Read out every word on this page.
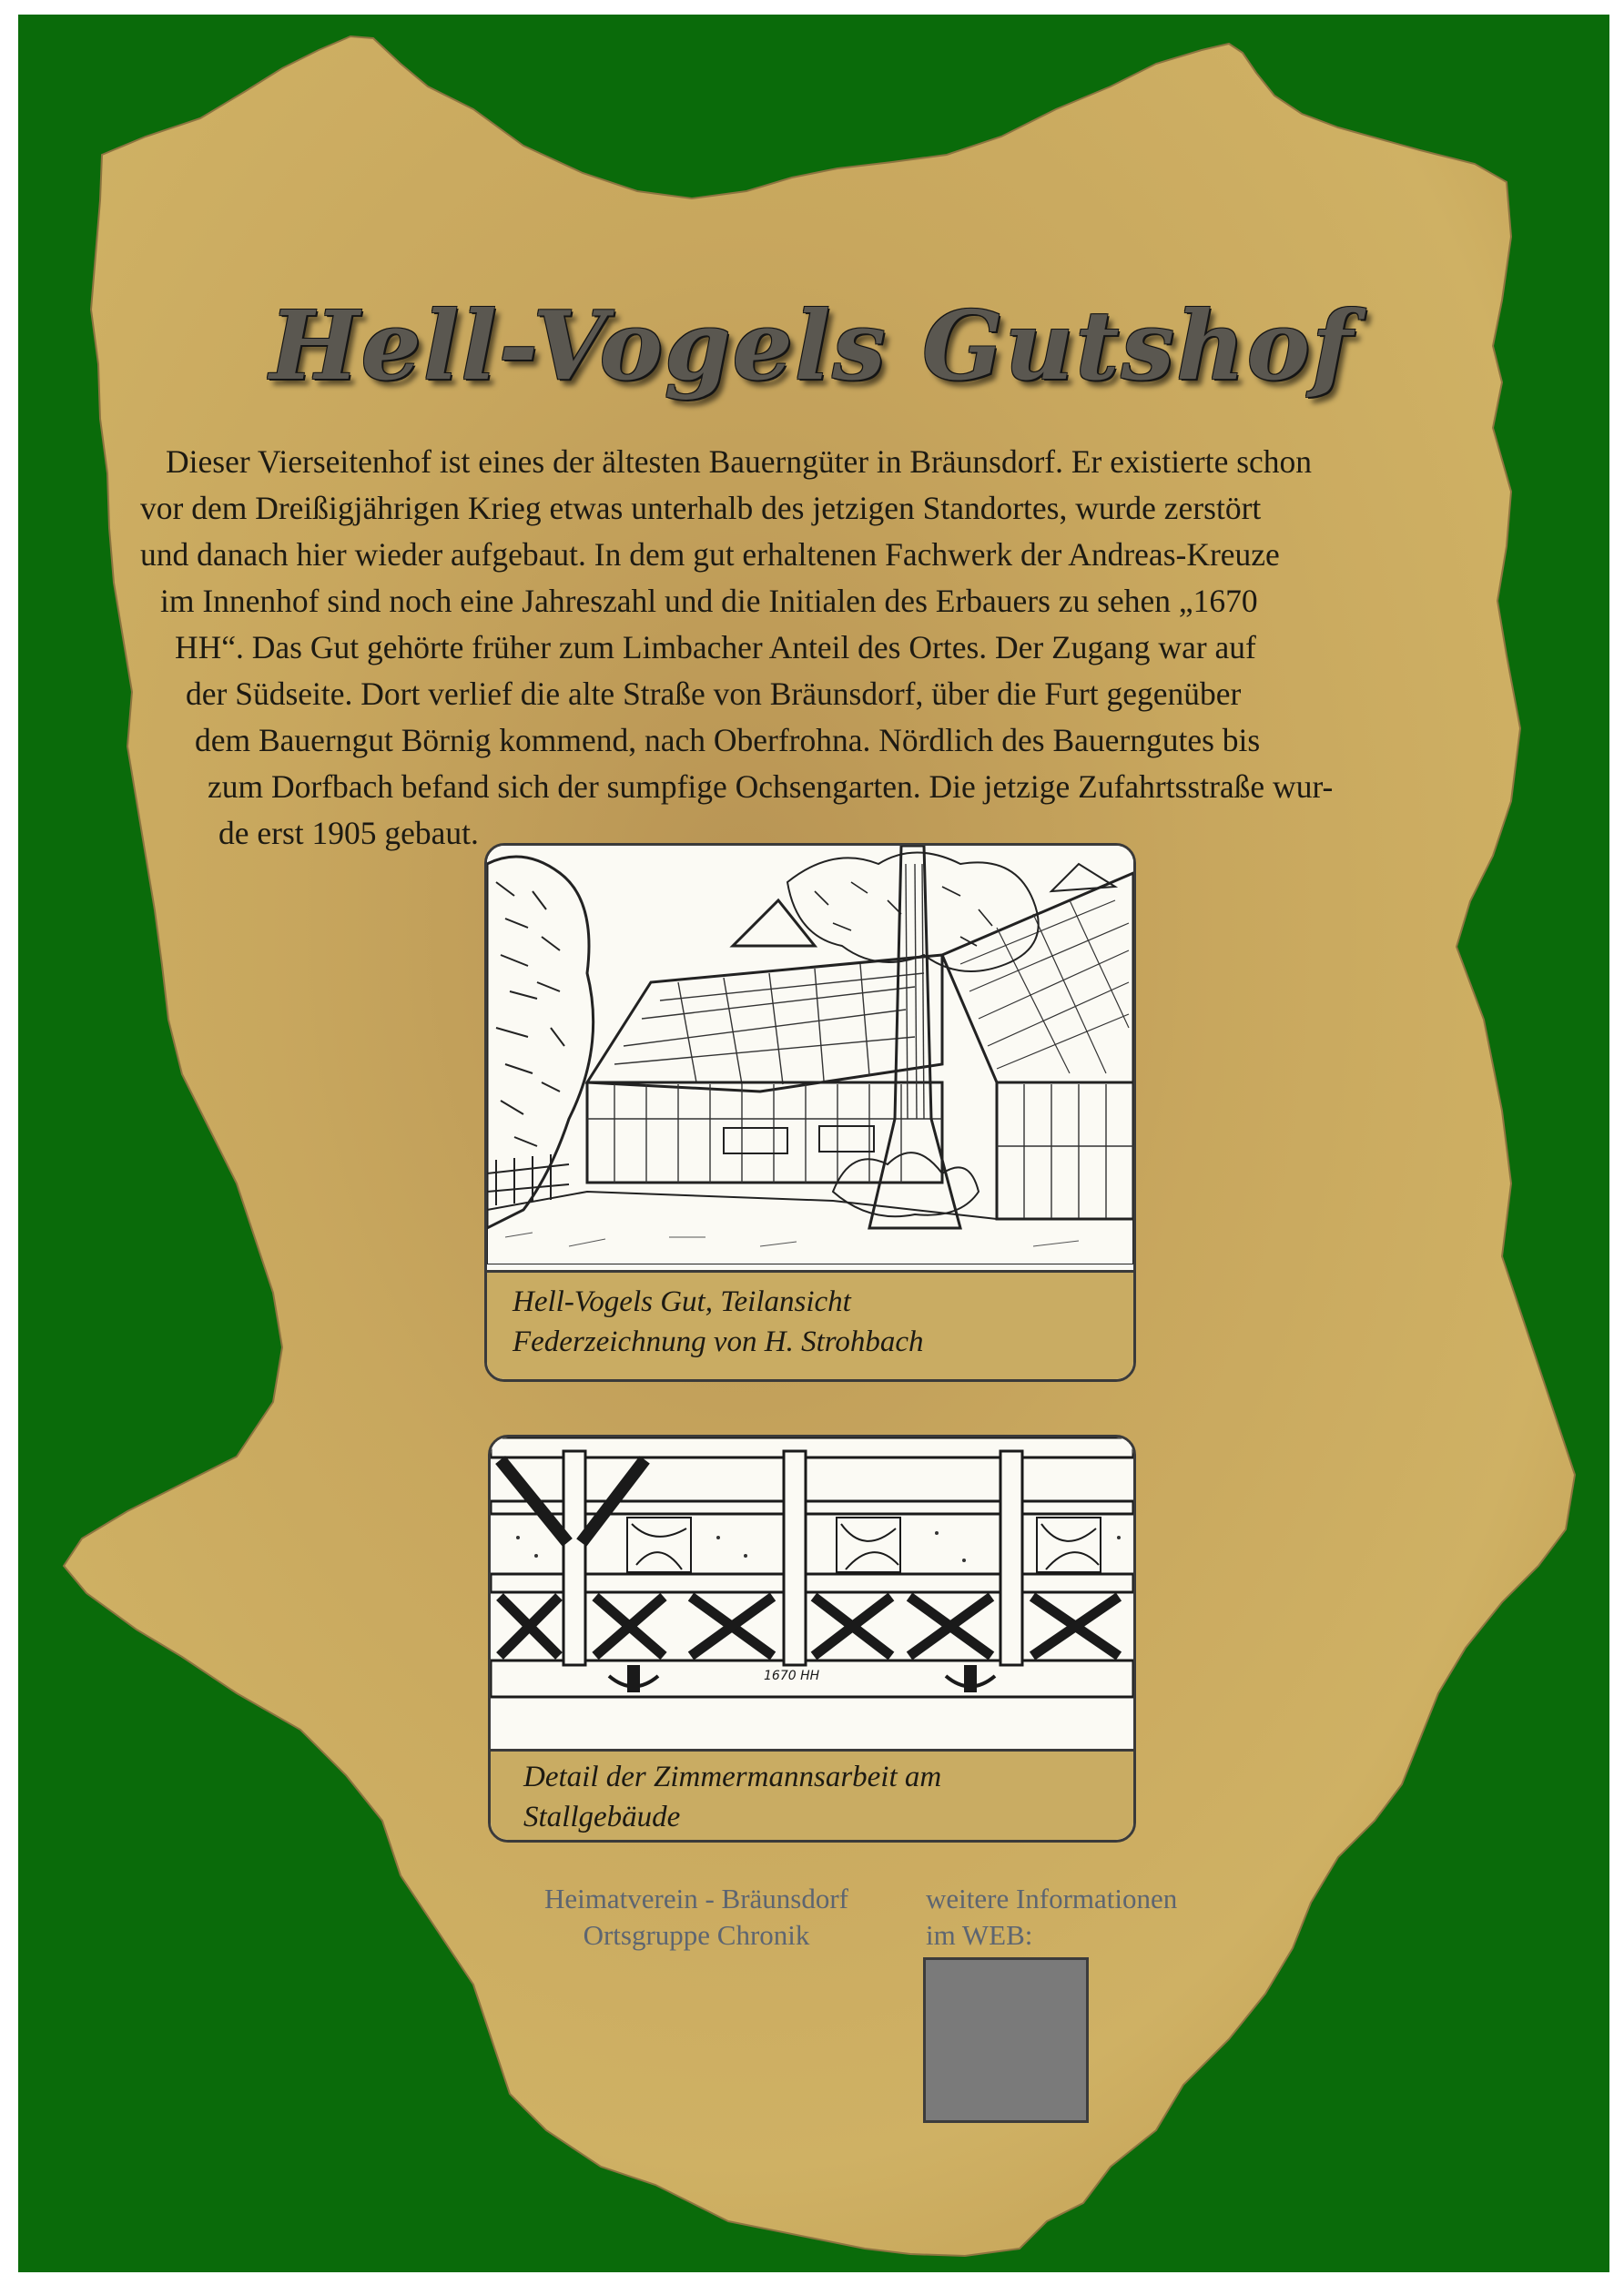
Hell-Vogels Gutshof
Dieser Vierseitenhof ist eines der ältesten Bauerngüter in Bräunsdorf. Er existierte schon
vor dem Dreißigjährigen Krieg etwas unterhalb des jetzigen Standortes, wurde zerstört
und danach hier wieder aufgebaut. In dem gut erhaltenen Fachwerk der Andreas-Kreuze
im Innenhof sind noch eine Jahreszahl und die Initialen des Erbauers zu sehen „1670
HH“. Das Gut gehörte früher zum Limbacher Anteil des Ortes. Der Zugang war auf
der Südseite. Dort verlief die alte Straße von Bräunsdorf, über die Furt gegenüber
dem Bauerngut Börnig kommend, nach Oberfrohna. Nördlich des Bauerngutes bis
zum Dorfbach befand sich der sumpfige Ochsengarten. Die jetzige Zufahrtsstraße wur-
de erst 1905 gebaut.
Hell-Vogels Gut, Teilansicht
Federzeichnung von H. Strohbach
1670 HH
Detail der Zimmermannsarbeit am
Stallgebäude
Heimatverein - Bräunsdorf
Ortsgruppe Chronik
weitere Informationen
im WEB:
